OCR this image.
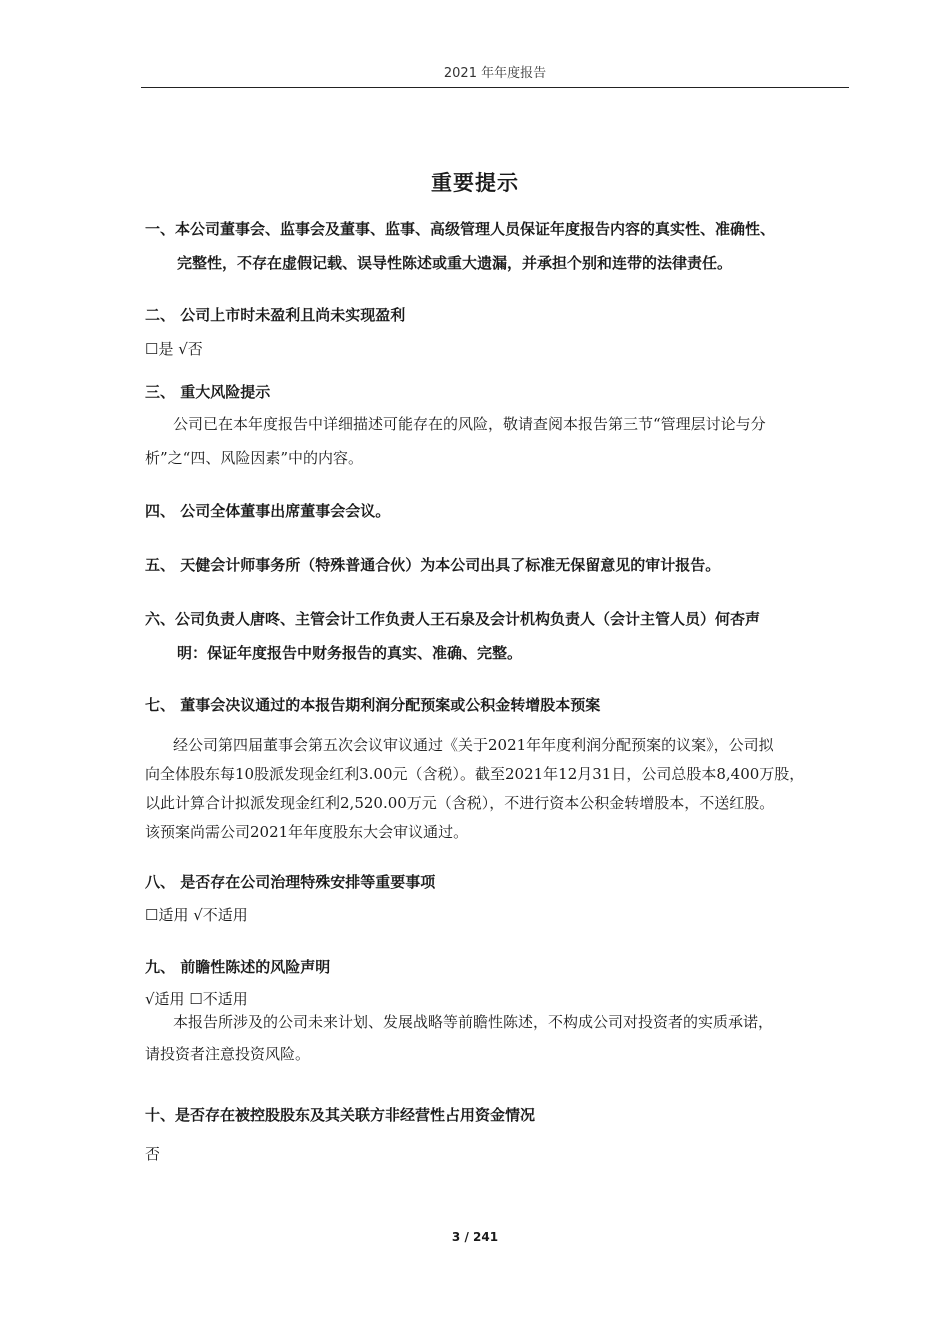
2021 年年度报告
重要提示
一、本公司董事会、监事会及董事、监事、高级管理人员保证年度报告内容的真实性、准确性、
完整性，不存在虚假记载、误导性陈述或重大遗漏，并承担个别和连带的法律责任。
二、 公司上市时未盈利且尚未实现盈利
☐是 √否
三、 重大风险提示
公司已在本年度报告中详细描述可能存在的风险，敬请查阅本报告第三节“管理层讨论与分
析”之“四、风险因素”中的内容。
四、 公司全体董事出席董事会会议。
五、 天健会计师事务所（特殊普通合伙）为本公司出具了标准无保留意见的审计报告。
六、公司负责人唐咚、主管会计工作负责人王石泉及会计机构负责人（会计主管人员）何杏声
明：保证年度报告中财务报告的真实、准确、完整。
七、 董事会决议通过的本报告期利润分配预案或公积金转增股本预案
经公司第四届董事会第五次会议审议通过《关于2021年年度利润分配预案的议案》，公司拟
向全体股东每10股派发现金红利3.00元（含税）。截至2021年12月31日，公司总股本8,400万股，
以此计算合计拟派发现金红利2,520.00万元（含税），不进行资本公积金转增股本，不送红股。
该预案尚需公司2021年年度股东大会审议通过。
八、 是否存在公司治理特殊安排等重要事项
☐适用 √不适用
九、 前瞻性陈述的风险声明
√适用 ☐不适用
本报告所涉及的公司未来计划、发展战略等前瞻性陈述，不构成公司对投资者的实质承诺，
请投资者注意投资风险。
十、是否存在被控股股东及其关联方非经营性占用资金情况
否
3 / 241
